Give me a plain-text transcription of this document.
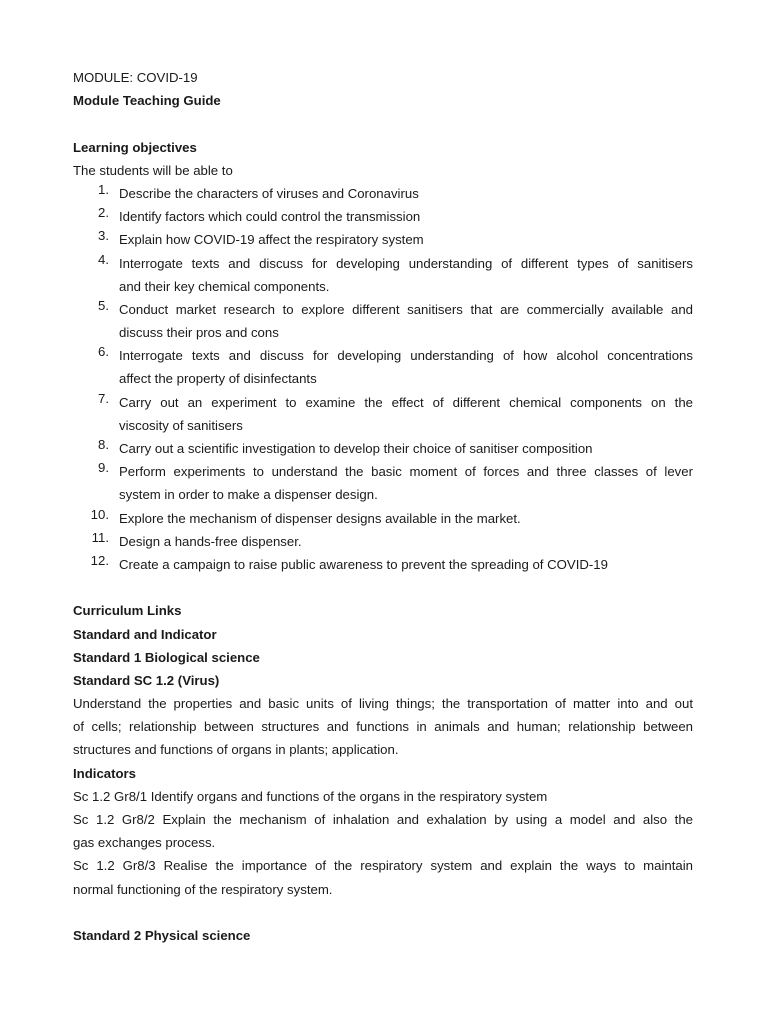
MODULE: COVID-19
Module Teaching Guide
Learning objectives
The students will be able to
1. Describe the characters of viruses and Coronavirus
2. Identify factors which could control the transmission
3. Explain how COVID-19 affect the respiratory system
4. Interrogate texts and discuss for developing understanding of different types of sanitisers
and their key chemical components.
5. Conduct market research to explore different sanitisers that are commercially available and
discuss their pros and cons
6. Interrogate texts and discuss for developing understanding of how alcohol concentrations
affect the property of disinfectants
7. Carry out an experiment to examine the effect of different chemical components on the
viscosity of sanitisers
8. Carry out a scientific investigation to develop their choice of sanitiser composition
9. Perform experiments to understand the basic moment of forces and three classes of lever
system in order to make a dispenser design.
10. Explore the mechanism of dispenser designs available in the market.
11. Design a hands-free dispenser.
12. Create a campaign to raise public awareness to prevent the spreading of COVID-19
Curriculum Links
Standard and Indicator
Standard 1 Biological science
Standard SC 1.2 (Virus)
Understand the properties and basic units of living things; the transportation of matter into and out
of cells; relationship between structures and functions in animals and human; relationship between
structures and functions of organs in plants; application.
Indicators
Sc 1.2 Gr8/1 Identify organs and functions of the organs in the respiratory system
Sc 1.2 Gr8/2 Explain the mechanism of inhalation and exhalation by using a model and also the
gas exchanges process.
Sc 1.2 Gr8/3 Realise the importance of the respiratory system and explain the ways to maintain
normal functioning of the respiratory system.
Standard 2 Physical science
